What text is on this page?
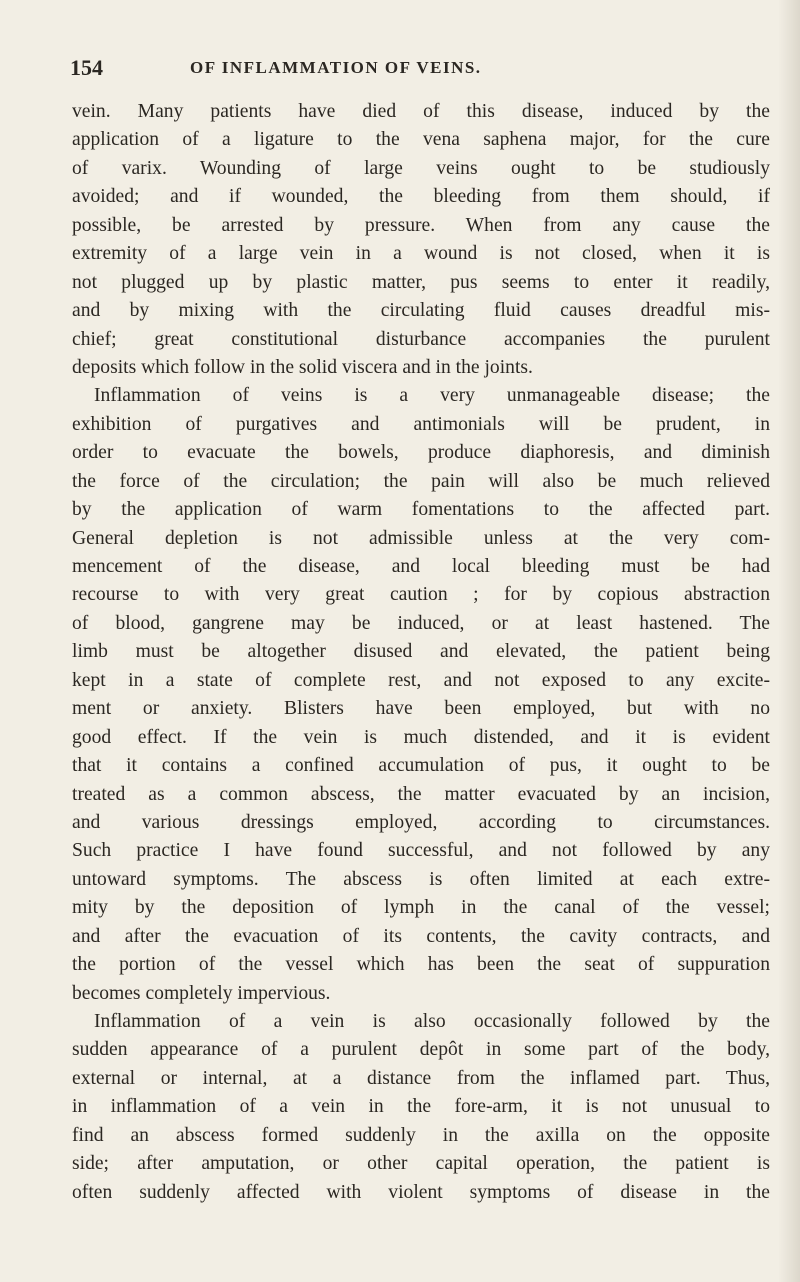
154	OF INFLAMMATION OF VEINS.
vein. Many patients have died of this disease, induced by the
application of a ligature to the vena saphena major, for the cure
of varix. Wounding of large veins ought to be studiously
avoided; and if wounded, the bleeding from them should, if
possible, be arrested by pressure. When from any cause the
extremity of a large vein in a wound is not closed, when it is
not plugged up by plastic matter, pus seems to enter it readily,
and by mixing with the circulating fluid causes dreadful mis-
chief; great constitutional disturbance accompanies the purulent
deposits which follow in the solid viscera and in the joints.
Inflammation of veins is a very unmanageable disease; the
exhibition of purgatives and antimonials will be prudent, in
order to evacuate the bowels, produce diaphoresis, and diminish
the force of the circulation; the pain will also be much relieved
by the application of warm fomentations to the affected part.
General depletion is not admissible unless at the very com-
mencement of the disease, and local bleeding must be had
recourse to with very great caution ; for by copious abstraction
of blood, gangrene may be induced, or at least hastened. The
limb must be altogether disused and elevated, the patient being
kept in a state of complete rest, and not exposed to any excite-
ment or anxiety. Blisters have been employed, but with no
good effect. If the vein is much distended, and it is evident
that it contains a confined accumulation of pus, it ought to be
treated as a common abscess, the matter evacuated by an incision,
and various dressings employed, according to circumstances.
Such practice I have found successful, and not followed by any
untoward symptoms. The abscess is often limited at each extre-
mity by the deposition of lymph in the canal of the vessel;
and after the evacuation of its contents, the cavity contracts, and
the portion of the vessel which has been the seat of suppuration
becomes completely impervious.
Inflammation of a vein is also occasionally followed by the
sudden appearance of a purulent depôt in some part of the body,
external or internal, at a distance from the inflamed part. Thus,
in inflammation of a vein in the fore-arm, it is not unusual to
find an abscess formed suddenly in the axilla on the opposite
side; after amputation, or other capital operation, the patient is
often suddenly affected with violent symptoms of disease in the
